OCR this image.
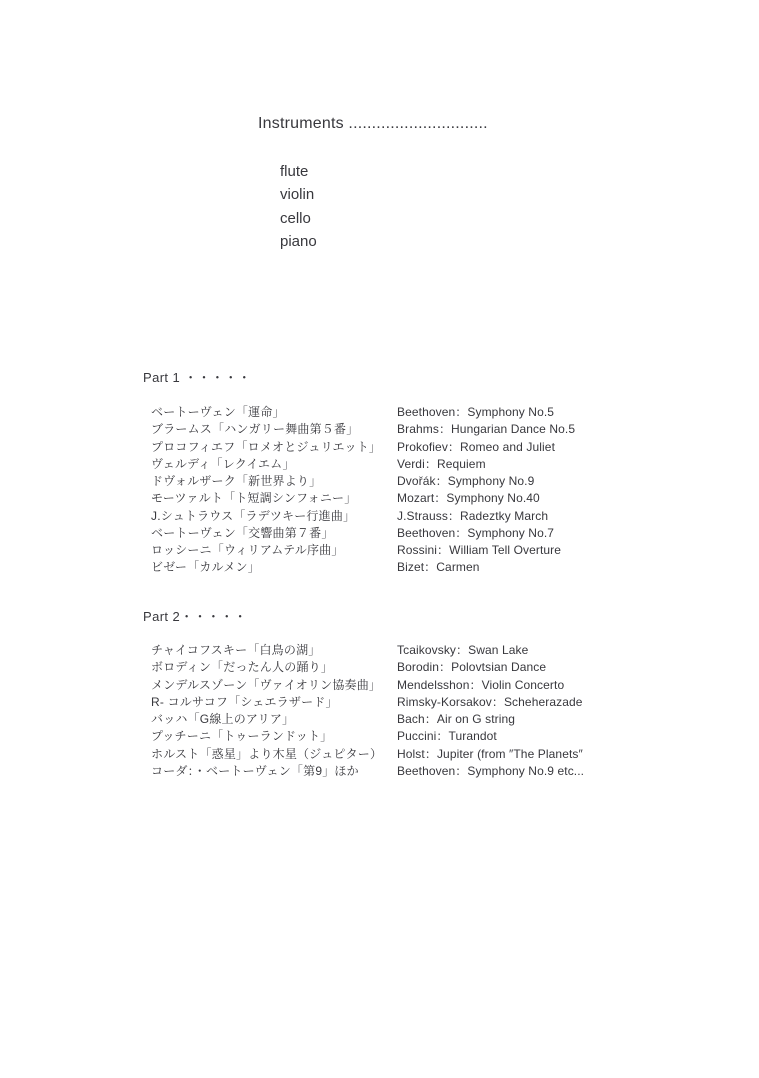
Instruments ..............................
flute
violin
cello
piano
Part 1 ・・・・・
ベートーヴェン「運命」	Beethoven：Symphony No.5
ブラームス「ハンガリー舞曲第５番」	Brahms：Hungarian Dance No.5
プロコフィエフ「ロメオとジュリエット」	Prokofiev：Romeo and Juliet
ヴェルディ「レクイエム」	Verdi：Requiem
ドヴォルザーク「新世界より」	Dvořák：Symphony No.9
モーツァルト「ト短調シンフォニー」	Mozart：Symphony No.40
J.シュトラウス「ラデツキー行進曲」	J.Strauss：Radeztky March
ベートーヴェン「交響曲第７番」	Beethoven：Symphony No.7
ロッシーニ「ウィリアムテル序曲」	Rossini：William Tell Overture
ビゼー「カルメン」	Bizet：Carmen
Part 2・・・・・
チャイコフスキー「白鳥の湖」	Tcaikovsky：Swan Lake
ボロディン「だったん人の踊り」	Borodin：Polovtsian Dance
メンデルスゾーン「ヴァイオリン協奏曲」	Mendelsshon：Violin Concerto
R- コルサコフ「シェエラザード」	Rimsky-Korsakov：Scheherazade
バッハ「G線上のアリア」	Bach：Air on G string
プッチーニ「トゥーランドット」	Puccini：Turandot
ホルスト「惑星」より木星（ジュピター）	Holst：Jupiter (from ″The Planets″
コーダ：・ベートーヴェン「第9」ほか	Beethoven：Symphony No.9 etc...
